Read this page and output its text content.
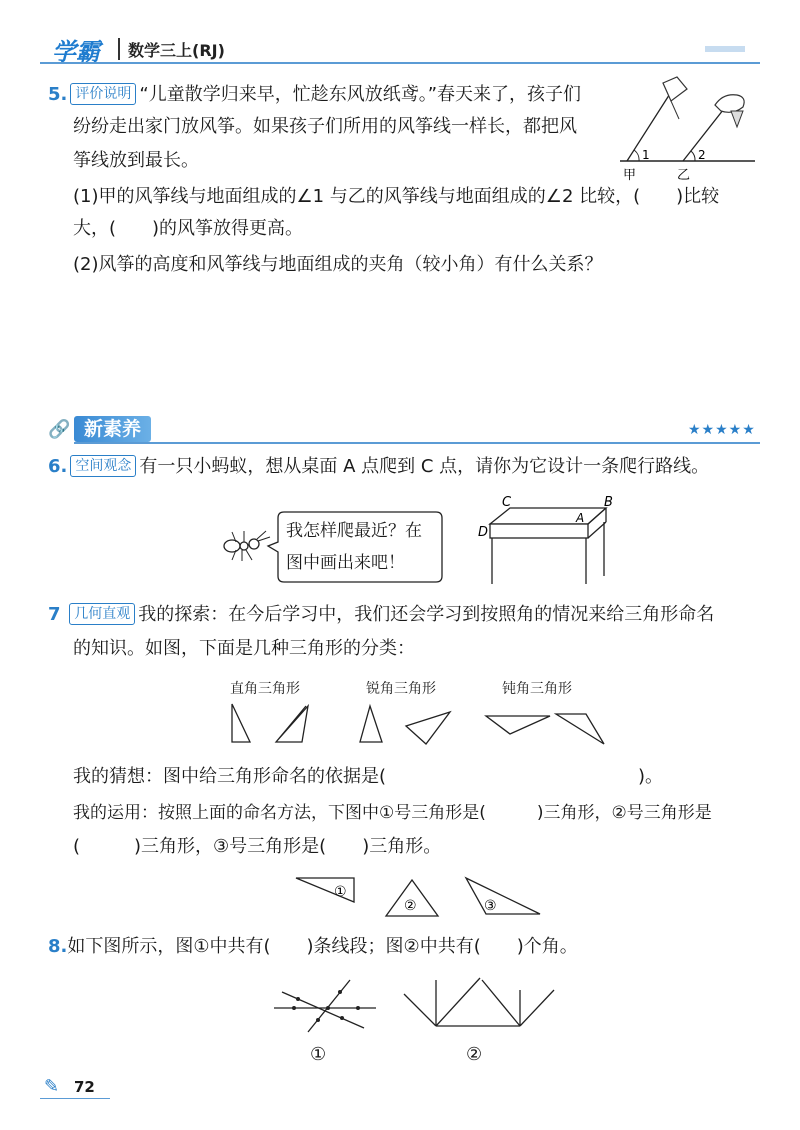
学霸 数学三上(RJ)
5. 评价说明 “儿童散学归来早，忙趁东风放纸鸢。”春天来了，孩子们
纷纷走出家门放风筝。如果孩子们所用的风筝线一样长，都把风
筝线放到最长。
(1)甲的风筝线与地面组成的∠1 与乙的风筝线与地面组成的∠2 比较，(　　)比较
大，(　　)的风筝放得更高。
(2)风筝的高度和风筝线与地面组成的夹角（较小角）有什么关系？
1	2
甲	乙
🔗 新素养	★★★★★
6. 空间观念 有一只小蚂蚁，想从桌面 A 点爬到 C 点，请你为它设计一条爬行路线。
我怎样爬最近？在
图中画出来吧！
C	B
A
D
7 几何直观 我的探索：在今后学习中，我们还会学习到按照角的情况来给三角形命名
的知识。如图，下面是几种三角形的分类：
直角三角形	锐角三角形	钝角三角形
我的猜想：图中给三角形命名的依据是(　　　　　　　　　　　　　　)。
我的运用：按照上面的命名方法，下图中①号三角形是(　　　)三角形，②号三角形是
(　　　)三角形，③号三角形是(　　)三角形。
①
②	③
8.如下图所示，图①中共有(　　)条线段；图②中共有(　　)个角。
①	②
✎ 72
